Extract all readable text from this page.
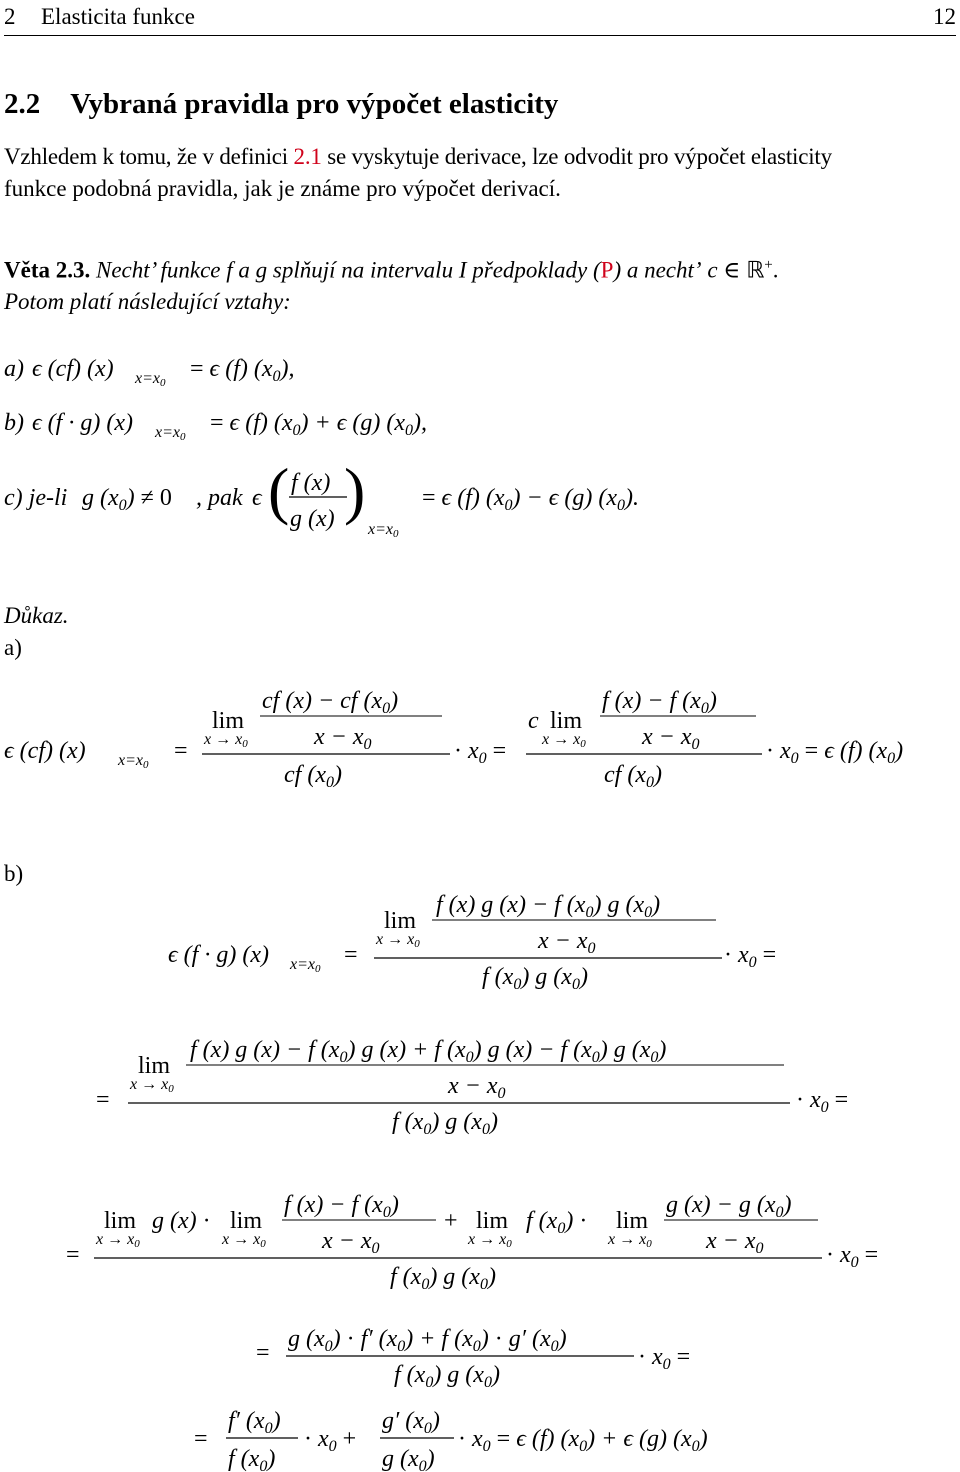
2 Elasticita funkce	12
2.2 Vybraná pravidla pro výpočet elasticity
Vzhledem k tomu, že v definici 2.1 se vyskytuje derivace, lze odvodit pro výpočet elasticity
funkce podobná pravidla, jak je známe pro výpočet derivací.
Věta 2.3. Necht’ funkce f a g splňují na intervalu I předpoklady (P) a necht’ c ∈ ℝ+.
Potom platí následující vztahy:
a) ϵ (cf) (x) x=x0
= ϵ (f) $(x_0)$,
b) ϵ (f · g) (x) x=x0
= ϵ (f) $(x_0) + \epsilon$ (g) $(x_0)$,
c) je-li g $(x_0) \ne 0$ , pak ϵ ( f (x)
g (x) )
x=x0
= ϵ (f) $(x_0) - \epsilon$ (g) $(x_0)$.
Důkaz.
a)
ϵ (cf) (x) x=x0
=
lim
x → x0
cf (x) − cf $(x_0)$
$x - x_0$
cf $(x_0)$
· $x_0$ =
c lim
x → x0
f (x) − f $(x_0)$
$x - x_0$
cf $(x_0)$
· $x_0 = \epsilon$ (f) $(x_0)$
b)
ϵ (f · g) (x) x=x0
=
lim
x → x0
f (x) g (x) − f $(x_0)$ g $(x_0)$
$x - x_0$
f $(x_0)$ g $(x_0)$
· $x_0$ =
=
lim
x → x0
f (x) g (x) − f $(x_0)$ g (x) + f $(x_0)$ g (x) − f $(x_0)$ g $(x_0)$
$x - x_0$
f $(x_0)$ g $(x_0)$
· $x_0$ =
=
lim
x → x0
g (x) · lim
x → x0
f (x) − f $(x_0)$
$x - x_0$
+ lim
x → x0
f $(x_0) \cdot \lim$
x → x0
g (x) − g $(x_0)$
$x - x_0$
f $(x_0)$ g $(x_0)$
· $x_0$ =
=
g $(x_0) \cdot f'$ $(x_0) + f$ $(x_0) \cdot g'$ $(x_0)$
f $(x_0)$ g $(x_0)$
· $x_0$ =
=
f′ $(x_0)$
f $(x_0)$
· $x_0$ +
g′ $(x_0)$
g $(x_0)$
· $x_0 = \epsilon$ (f) $(x_0) + \epsilon$ (g) $(x_0)$
